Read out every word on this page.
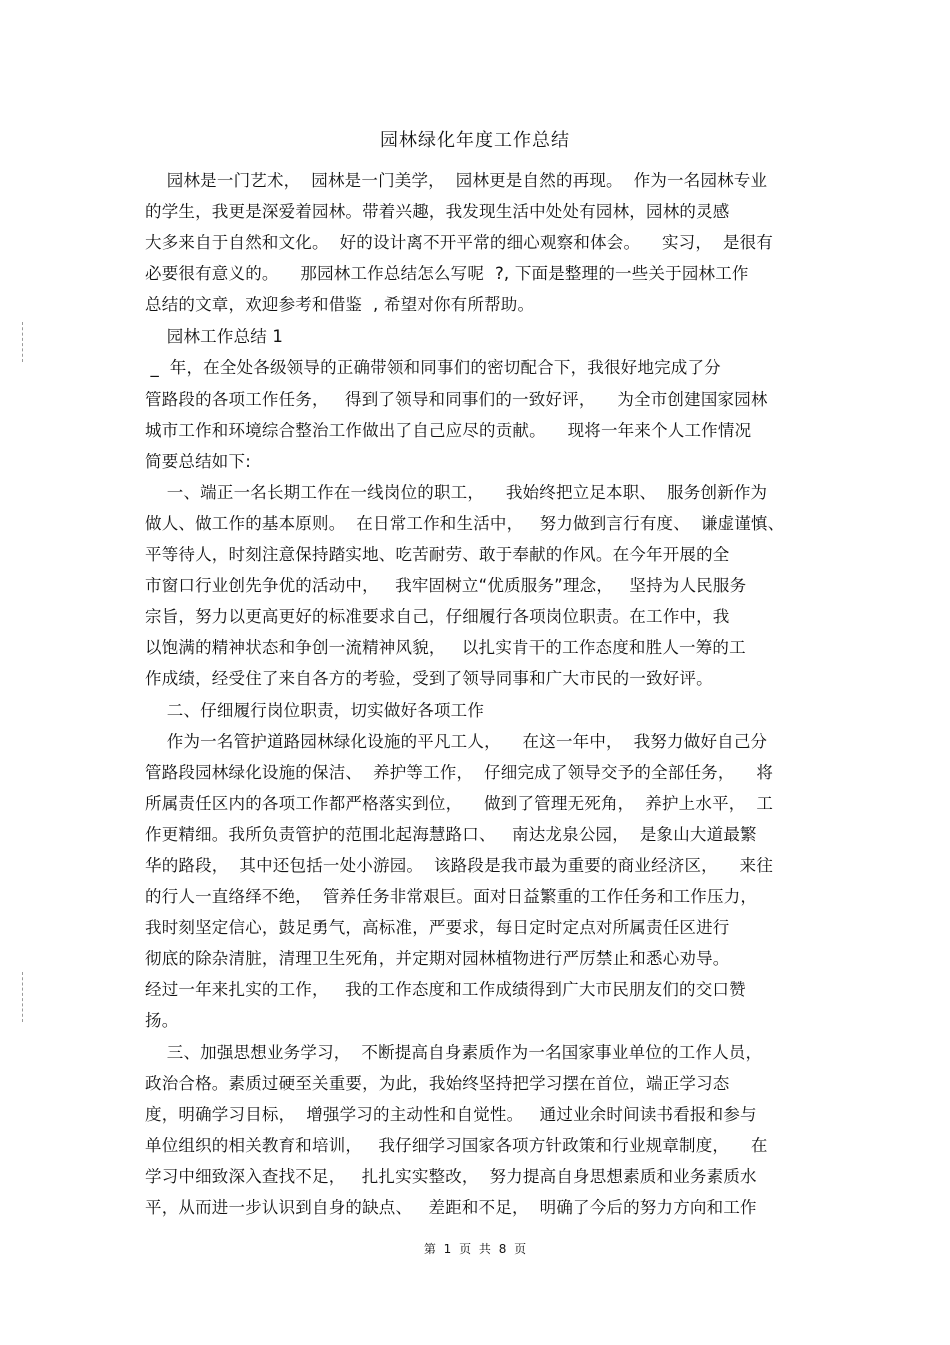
园林绿化年度工作总结
园林是一门艺术，  园林是一门美学，  园林更是自然的再现。  作为一名园林专业
的学生，我更是深爱着园林。带着兴趣，我发现生活中处处有园林，园林的灵感
大多来自于自然和文化。  好的设计离不开平常的细心观察和体会。    实习，  是很有
必要很有意义的。    那园林工作总结怎么写呢  ?, 下面是整理的一些关于园林工作
总结的文章，欢迎参考和借鉴  , 希望对你有所帮助。
园林工作总结 1
_  年，在全处各级领导的正确带领和同事们的密切配合下，我很好地完成了分
管路段的各项工作任务，   得到了领导和同事们的一致好评，    为全市创建国家园林
城市工作和环境综合整治工作做出了自己应尽的贡献。    现将一年来个人工作情况
简要总结如下:
一、端正一名长期工作在一线岗位的职工，    我始终把立足本职、  服务创新作为
做人、做工作的基本原则。  在日常工作和生活中，   努力做到言行有度、  谦虚谨慎、
平等待人，时刻注意保持踏实地、吃苦耐劳、敢于奉献的作风。在今年开展的全
市窗口行业创先争优的活动中，   我牢固树立“优质服务”理念，   坚持为人民服务
宗旨，努力以更高更好的标准要求自己，仔细履行各项岗位职责。在工作中，我
以饱满的精神状态和争创一流精神风貌，   以扎实肯干的工作态度和胜人一筹的工
作成绩，经受住了来自各方的考验，受到了领导同事和广大市民的一致好评。
二、仔细履行岗位职责，切实做好各项工作
作为一名管护道路园林绿化设施的平凡工人，    在这一年中，  我努力做好自己分
管路段园林绿化设施的保洁、  养护等工作，  仔细完成了领导交予的全部任务，    将
所属责任区内的各项工作都严格落实到位，    做到了管理无死角，  养护上水平，  工
作更精细。我所负责管护的范围北起海慧路口、   南达龙泉公园，  是象山大道最繁
华的路段，  其中还包括一处小游园。  该路段是我市最为重要的商业经济区，    来往
的行人一直络绎不绝，  管养任务非常艰巨。面对日益繁重的工作任务和工作压力，
我时刻坚定信心，鼓足勇气，高标准，严要求，每日定时定点对所属责任区进行
彻底的除杂清脏，清理卫生死角，并定期对园林植物进行严厉禁止和悉心劝导。
经过一年来扎实的工作，   我的工作态度和工作成绩得到广大市民朋友们的交口赞
扬。
三、加强思想业务学习，  不断提高自身素质作为一名国家事业单位的工作人员，
政治合格。素质过硬至关重要，为此，我始终坚持把学习摆在首位，端正学习态
度，明确学习目标，  增强学习的主动性和自觉性。   通过业余时间读书看报和参与
单位组织的相关教育和培训，   我仔细学习国家各项方针政策和行业规章制度，    在
学习中细致深入查找不足，   扎扎实实整改，  努力提高自身思想素质和业务素质水
平，从而进一步认识到自身的缺点、   差距和不足，  明确了今后的努力方向和工作
第 1 页 共 8 页
